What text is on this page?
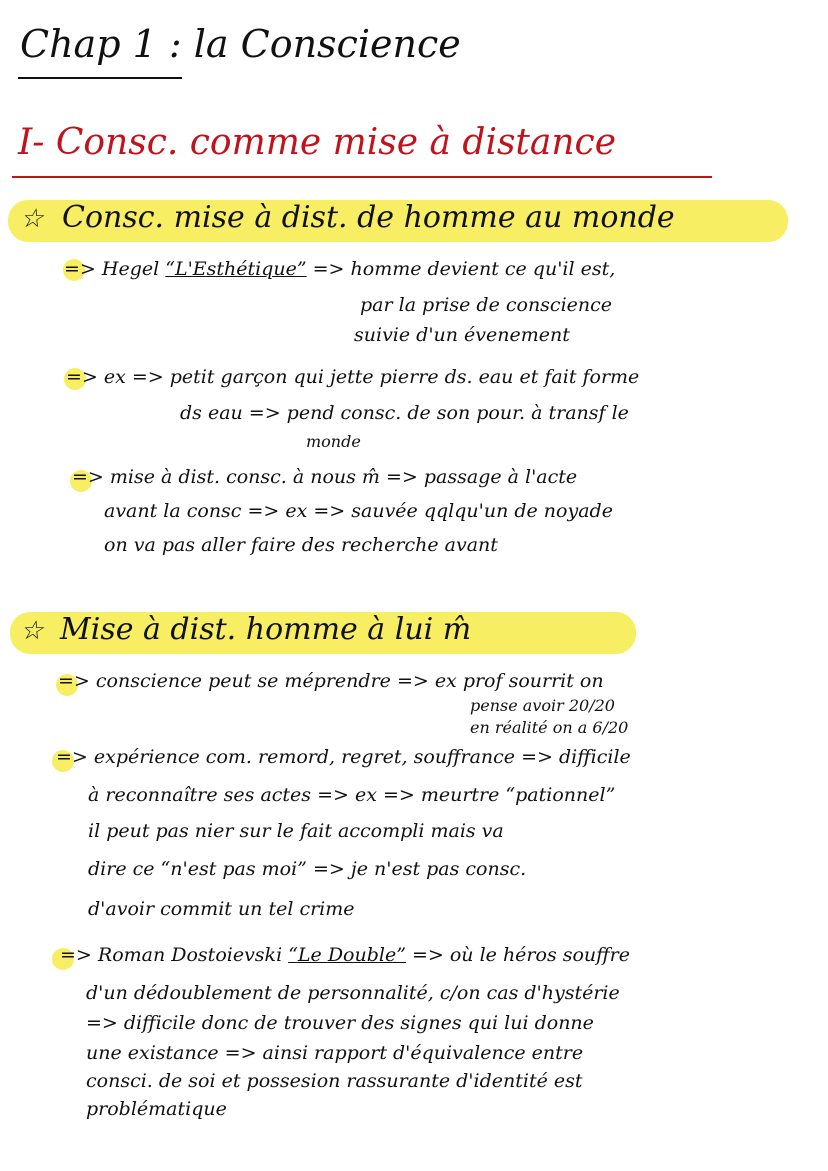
Chap 1 : la Conscience
I- Consc. comme mise à distance
☆ Consc. mise à dist. de homme au monde
=> Hegel “L'Esthétique” => homme devient ce qu'il est,
par la prise de conscience
suivie d'un évenement
=> ex => petit garçon qui jette pierre ds. eau et fait forme
ds eau => pend consc. de son pour. à transf le
monde
=> mise à dist. consc. à nous m̂ => passage à l'acte
avant la consc => ex => sauvée qqlqu'un de noyade
on va pas aller faire des recherche avant
☆ Mise à dist. homme à lui m̂
=> conscience peut se méprendre => ex prof sourrit on
pense avoir 20/20
en réalité on a 6/20
=> expérience com. remord, regret, souffrance => difficile
à reconnaître ses actes => ex => meurtre “pationnel”
il peut pas nier sur le fait accompli mais va
dire ce “n'est pas moi” => je n'est pas consc.
d'avoir commit un tel crime
=> Roman Dostoievski “Le Double” => où le héros souffre
d'un dédoublement de personnalité, c/on cas d'hystérie
=> difficile donc de trouver des signes qui lui donne
une existance => ainsi rapport d'équivalence entre
consci. de soi et possesion rassurante d'identité est
problématique
